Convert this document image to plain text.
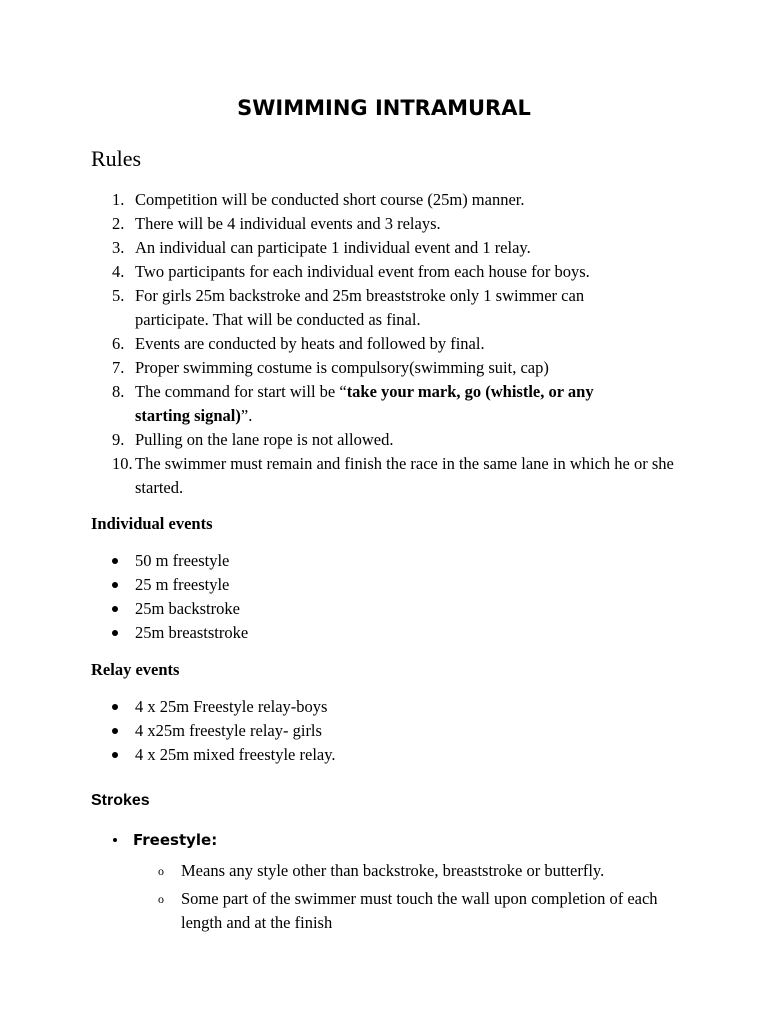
SWIMMING INTRAMURAL
Rules
1. Competition will be conducted short course (25m) manner.
2. There will be 4 individual events and 3 relays.
3. An individual can participate 1 individual event and 1 relay.
4. Two participants for each individual event from each house for boys.
5. For girls 25m backstroke and 25m breaststroke only 1 swimmer can participate. That will be conducted as final.
6. Events are conducted by heats and followed by final.
7. Proper swimming costume is compulsory(swimming suit, cap)
8. The command for start will be “take your mark, go (whistle, or any starting signal)”.
9. Pulling on the lane rope is not allowed.
10. The swimmer must remain and finish the race in the same lane in which he or she started.
Individual events
50 m freestyle
25 m freestyle
25m backstroke
25m breaststroke
Relay events
4 x 25m Freestyle relay-boys
4 x25m freestyle relay- girls
4 x 25m mixed freestyle relay.
Strokes
Freestyle:
o Means any style other than backstroke, breaststroke or butterfly.
o Some part of the swimmer must touch the wall upon completion of each length and at the finish
